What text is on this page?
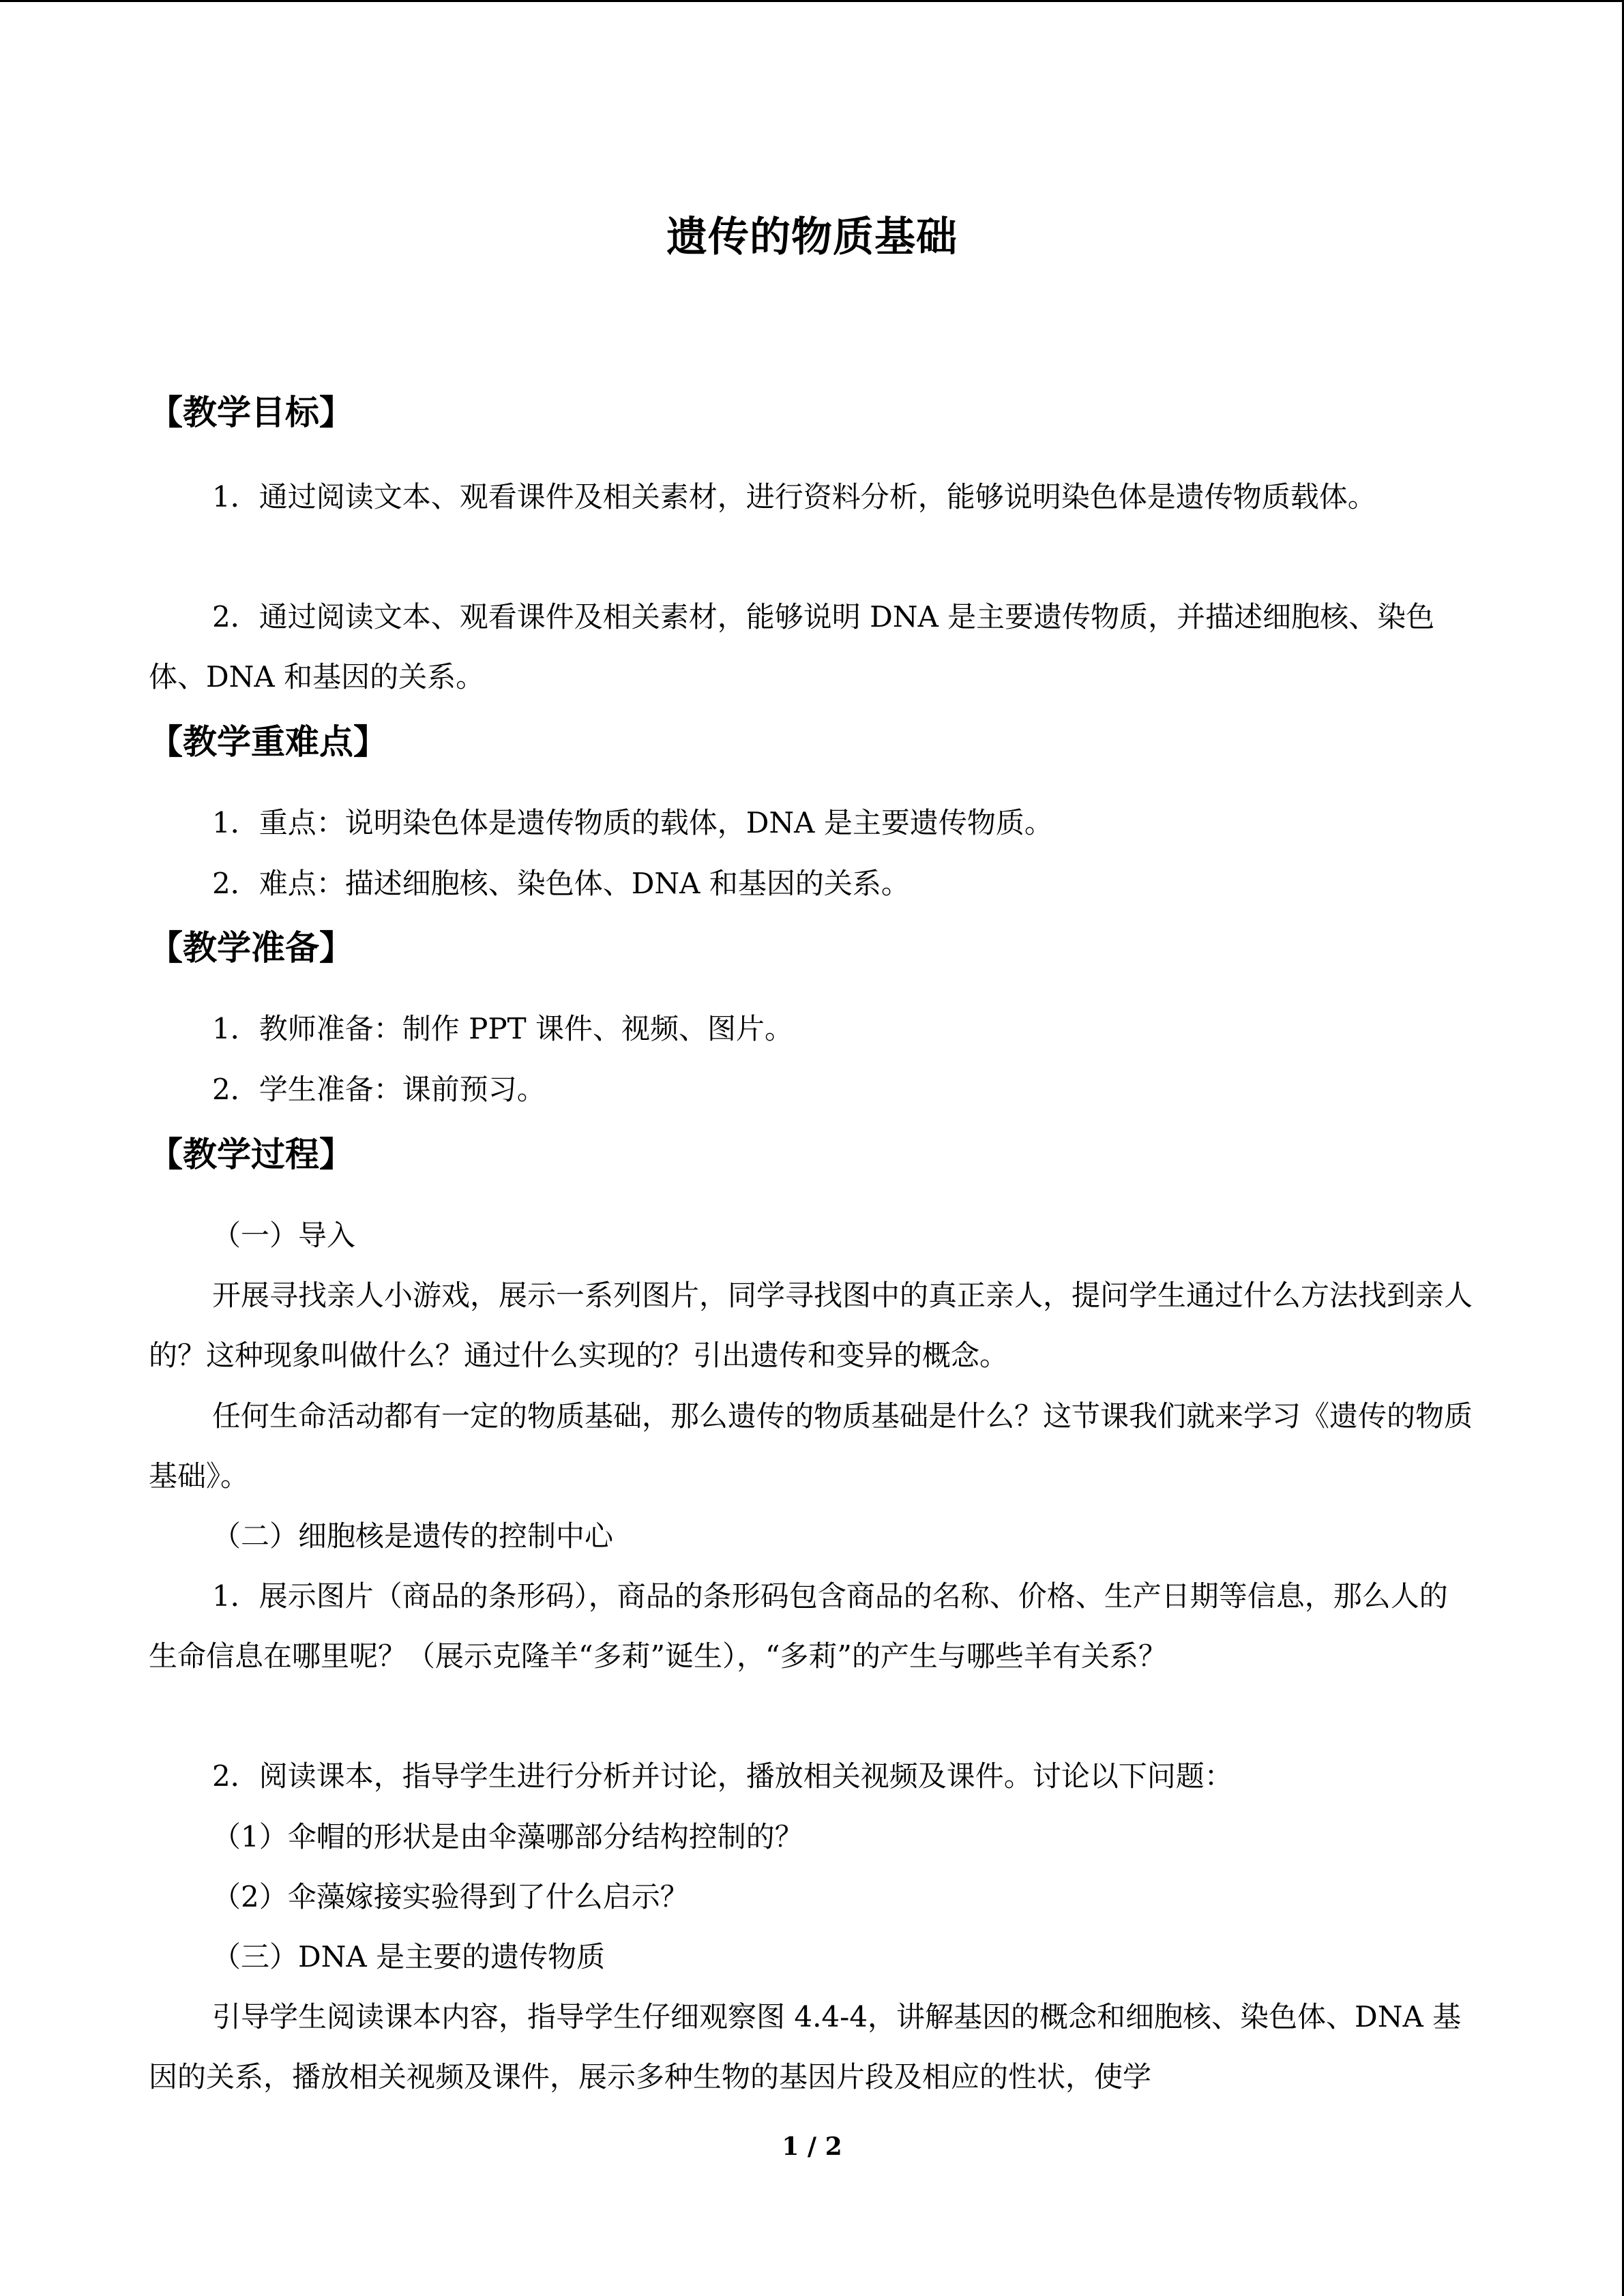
遗传的物质基础
【教学目标】
1．通过阅读文本、观看课件及相关素材，进行资料分析，能够说明染色体是遗传物质载体。
2．通过阅读文本、观看课件及相关素材，能够说明 DNA 是主要遗传物质，并描述细胞核、染色体、DNA 和基因的关系。
【教学重难点】
1．重点：说明染色体是遗传物质的载体，DNA 是主要遗传物质。
2．难点：描述细胞核、染色体、DNA 和基因的关系。
【教学准备】
1．教师准备：制作 PPT 课件、视频、图片。
2．学生准备：课前预习。
【教学过程】
（一）导入
开展寻找亲人小游戏，展示一系列图片，同学寻找图中的真正亲人，提问学生通过什么方法找到亲人的？这种现象叫做什么？通过什么实现的？引出遗传和变异的概念。
任何生命活动都有一定的物质基础，那么遗传的物质基础是什么？这节课我们就来学习《遗传的物质基础》。
（二）细胞核是遗传的控制中心
1．展示图片（商品的条形码），商品的条形码包含商品的名称、价格、生产日期等信息，那么人的生命信息在哪里呢？（展示克隆羊“多莉”诞生），“多莉”的产生与哪些羊有关系？
2．阅读课本，指导学生进行分析并讨论，播放相关视频及课件。讨论以下问题：
（1）伞帽的形状是由伞藻哪部分结构控制的？
（2）伞藻嫁接实验得到了什么启示？
（三）DNA 是主要的遗传物质
引导学生阅读课本内容，指导学生仔细观察图 4.4-4，讲解基因的概念和细胞核、染色体、DNA 基因的关系，播放相关视频及课件，展示多种生物的基因片段及相应的性状，使学
1 / 2
